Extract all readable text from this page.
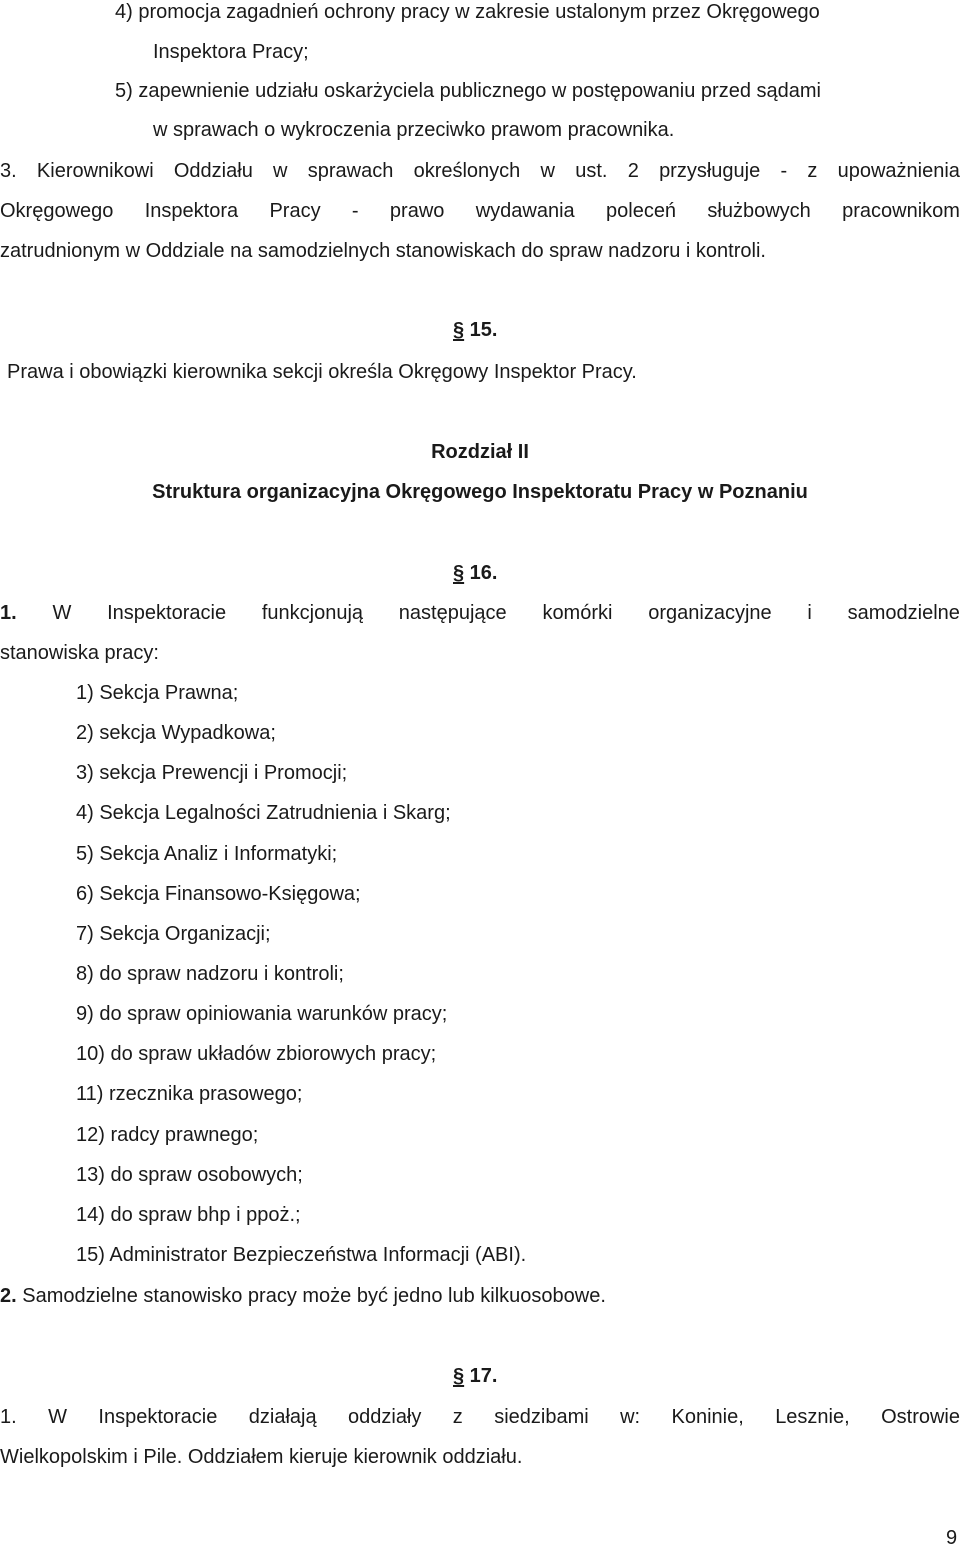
4) promocja zagadnień ochrony pracy w zakresie ustalonym przez Okręgowego
Inspektora Pracy;
5) zapewnienie udziału oskarżyciela publicznego w postępowaniu przed sądami
w sprawach o wykroczenia przeciwko prawom pracownika.
3. Kierownikowi Oddziału w sprawach określonych w ust. 2 przysługuje - z upoważnienia
Okręgowego Inspektora Pracy - prawo wydawania poleceń służbowych pracownikom
zatrudnionym w Oddziale na samodzielnych stanowiskach do spraw nadzoru i kontroli.
§ 15.
Prawa i obowiązki kierownika sekcji określa Okręgowy Inspektor Pracy.
Rozdział II
Struktura organizacyjna Okręgowego Inspektoratu Pracy w Poznaniu
§ 16.
1. W Inspektoracie funkcjonują następujące komórki organizacyjne i samodzielne
stanowiska pracy:
1) Sekcja Prawna;
2) sekcja Wypadkowa;
3) sekcja Prewencji i Promocji;
4) Sekcja Legalności Zatrudnienia i Skarg;
5) Sekcja Analiz i Informatyki;
6) Sekcja Finansowo-Księgowa;
7) Sekcja Organizacji;
8) do spraw nadzoru i kontroli;
9) do spraw opiniowania warunków pracy;
10) do spraw układów zbiorowych pracy;
11) rzecznika prasowego;
12) radcy prawnego;
13) do spraw osobowych;
14) do spraw bhp i ppoż.;
15) Administrator Bezpieczeństwa Informacji (ABI).
2. Samodzielne stanowisko pracy może być jedno lub kilkuosobowe.
§ 17.
1. W Inspektoracie działają oddziały z siedzibami w: Koninie, Lesznie, Ostrowie
Wielkopolskim i Pile. Oddziałem kieruje kierownik oddziału.
9
